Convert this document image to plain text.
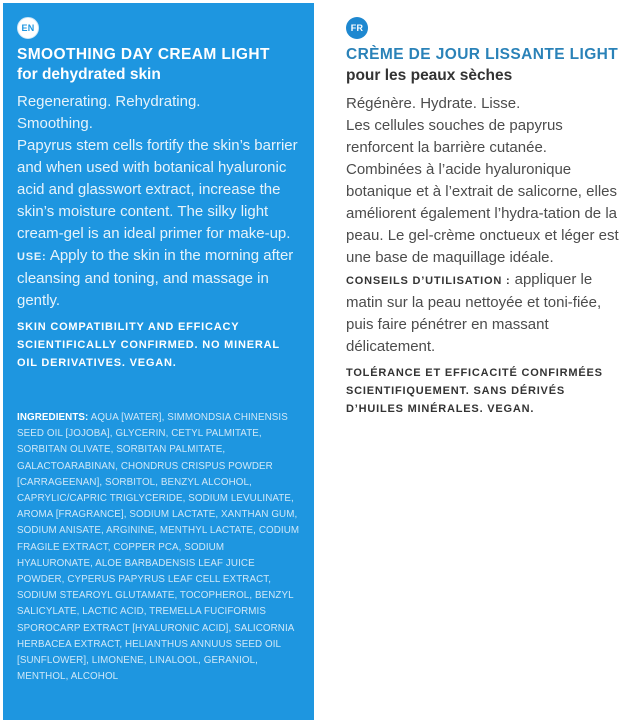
EN
SMOOTHING DAY CREAM LIGHT
for dehydrated skin

Regenerating. Rehydrating.

Smoothing.

Papyrus stem cells fortify the skin’s barrier and when used with botanical hyaluronic acid and glasswort extract, increase the skin’s moisture content. The silky light cream-gel is an ideal primer for make-up.

USE: Apply to the skin in the morning after cleansing and toning, and massage in gently.

SKIN COMPATIBILITY AND EFFICACY SCIENTIFICALLY CONFIRMED. NO MINERAL OIL DERIVATIVES. VEGAN.
INGREDIENTS: AQUA [WATER], SIMMONDSIA CHINENSIS SEED OIL [JOJOBA], GLYCERIN, CETYL PALMITATE, SORBITAN OLIVATE, SORBITAN PALMITATE, GALACTOARABINAN, CHONDRUS CRISPUS POWDER [CARRAGEENAN], SORBITOL, BENZYL ALCOHOL, CAPRYLIC/CAPRIC TRIGLYCERIDE, SODIUM LEVULINATE, AROMA [FRAGRANCE], SODIUM LACTATE, XANTHAN GUM, SODIUM ANISATE, ARGININE, MENTHYL LACTATE, CODIUM FRAGILE EXTRACT, COPPER PCA, SODIUM HYALURONATE, ALOE BARBADENSIS LEAF JUICE POWDER, CYPERUS PAPYRUS LEAF CELL EXTRACT, SODIUM STEAROYL GLUTAMATE, TOCOPHEROL, BENZYL SALICYLATE, LACTIC ACID, TREMELLA FUCIFORMIS SPOROCARP EXTRACT [HYALURONIC ACID], SALICORNIA HERBACEA EXTRACT, HELIANTHUS ANNUUS SEED OIL [SUNFLOWER], LIMONENE, LINALOOL, GERANIOL, MENTHOL, ALCOHOL
FR
CRÈME DE JOUR LISSANTE LIGHT
pour les peaux sèches

Régénère. Hydrate. Lisse.

Les cellules souches de papyrus renforcent la barrière cutanée. Combinées à l’acide hyaluronique botanique et à l’extrait de salicorne, elles améliorent également l’hydra-tation de la peau. Le gel-crème onctueux et léger est une base de maquillage idéale.

CONSEILS D’UTILISATION : appliquer le matin sur la peau nettoyée et toni-fiée, puis faire pénétrer en massant délicatement.

TOLÉRANCE ET EFFICACITÉ CONFIRMÉES SCIENTIFIQUEMENT. SANS DÉRIVÉS D’HUILES MINÉRALES. VEGAN.
